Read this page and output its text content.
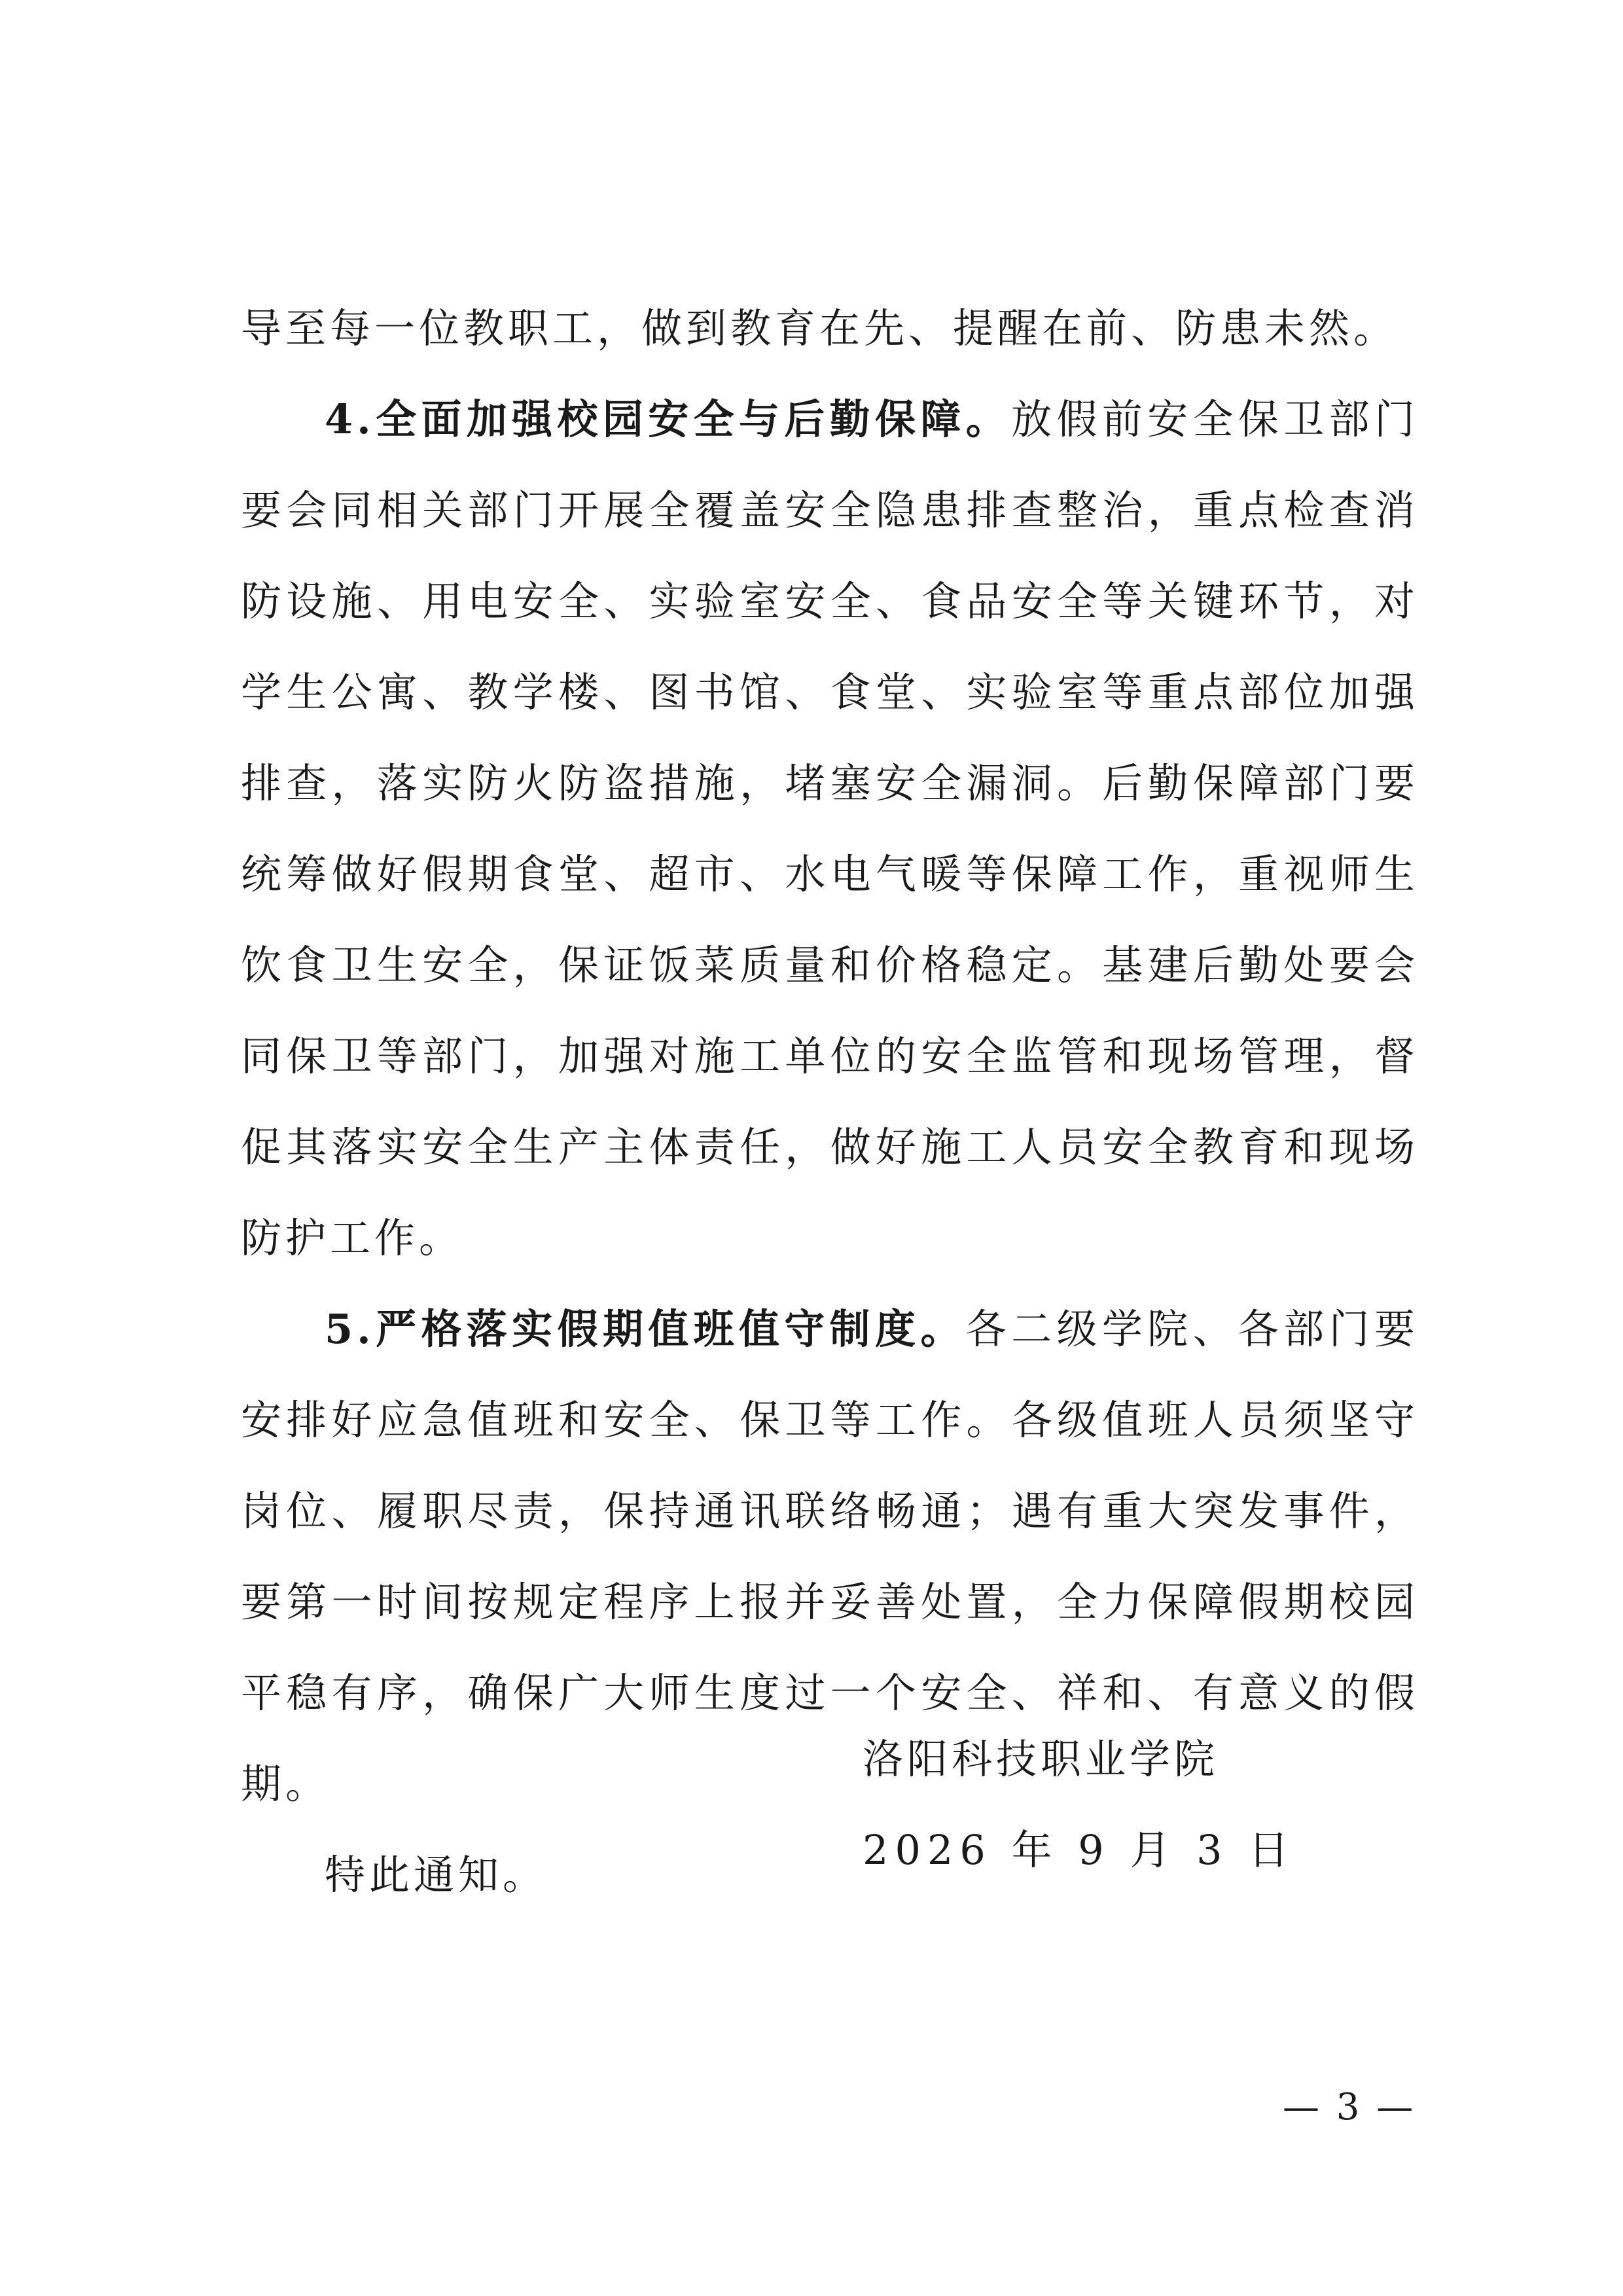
导至每一位教职工，做到教育在先、提醒在前、防患未然。

4.全面加强校园安全与后勤保障。放假前安全保卫部门要会同相关部门开展全覆盖安全隐患排查整治，重点检查消防设施、用电安全、实验室安全、食品安全等关键环节，对学生公寓、教学楼、图书馆、食堂、实验室等重点部位加强排查，落实防火防盗措施，堵塞安全漏洞。后勤保障部门要统筹做好假期食堂、超市、水电气暖等保障工作，重视师生饮食卫生安全，保证饭菜质量和价格稳定。基建后勤处要会同保卫等部门，加强对施工单位的安全监管和现场管理，督促其落实安全生产主体责任，做好施工人员安全教育和现场防护工作。

5.严格落实假期值班值守制度。各二级学院、各部门要安排好应急值班和安全、保卫等工作。各级值班人员须坚守岗位、履职尽责，保持通讯联络畅通；遇有重大突发事件，要第一时间按规定程序上报并妥善处置，全力保障假期校园平稳有序，确保广大师生度过一个安全、祥和、有意义的假期。

特此通知。

洛阳科技职业学院
2026 年 9 月 3 日
— 3 —
